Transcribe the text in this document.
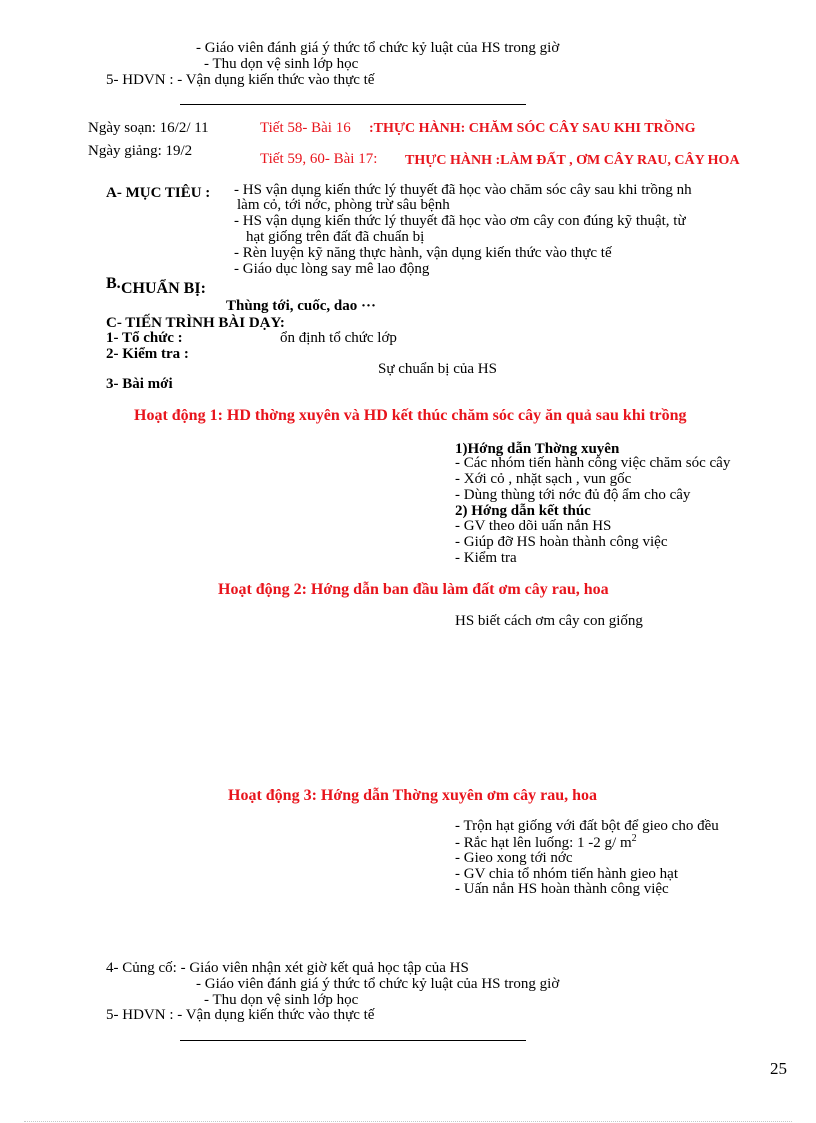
- Giáo viên đánh giá ý thức tổ chức kỷ luật của HS trong giờ
- Thu dọn vệ sinh lớp học
5- HDVN : - Vận dụng kiến thức vào thực tế
Ngày soạn: 16/2/ 11	Tiết 58- Bài 16 :THỰC HÀNH: CHĂM SÓC CÂY SAU KHI TRỒNG
Ngày giảng: 19/2	Tiết 59, 60- Bài 17: THỰC HÀNH :LÀM ĐẤT , ƠM CÂY RAU, CÂY HOA
A- MỤC TIÊU : - HS vận dụng kiến thức lý thuyết đã học vào chăm sóc cây sau khi trồng nh
làm cỏ, tới nớc, phòng trừ sâu bệnh
- HS vận dụng kiến thức lý thuyết đã học vào ơm cây con đúng kỹ thuật, từ
hạt giống trên đất đã chuẩn bị
- Rèn luyện kỹ năng thực hành, vận dụng kiến thức vào thực tế
- Giáo dục lòng say mê lao động
B. CHUẨN BỊ:
Thùng tới, cuốc, dao ···
C- TIẾN TRÌNH BÀI DẠY:
1- Tổ chức :	ổn định tổ chức lớp
2- Kiểm tra :
Sự chuẩn bị của HS
3- Bài mới
Hoạt động 1: HD thờng xuyên và HD kết thúc chăm sóc cây ăn quả sau khi trồng
1)Hớng dẫn Thờng xuyên
- Các nhóm tiến hành công việc chăm sóc cây
- Xới cỏ , nhặt sạch , vun gốc
- Dùng thùng tới nớc đủ độ ẩm cho cây
2) Hớng dẫn kết thúc
- GV theo dõi uấn nắn HS
- Giúp đỡ HS hoàn thành công việc
- Kiểm tra
Hoạt động 2: Hớng dẫn ban đầu làm đất ơm cây rau, hoa
HS biết cách ơm cây con giống
Hoạt động 3: Hớng dẫn Thờng xuyên ơm cây rau, hoa
- Trộn hạt giống với đất bột để gieo cho đều
- Rắc hạt lên luống: 1 -2 g/ $m^2$
- Gieo xong tới nớc
- GV chia tổ nhóm tiến hành gieo hạt
- Uấn nắn HS hoàn thành công việc
4- Củng cố: - Giáo viên nhận xét giờ kết quả học tập của HS
- Giáo viên đánh giá ý thức tổ chức kỷ luật của HS trong giờ
- Thu dọn vệ sinh lớp học
5- HDVN : - Vận dụng kiến thức vào thực tế
25
